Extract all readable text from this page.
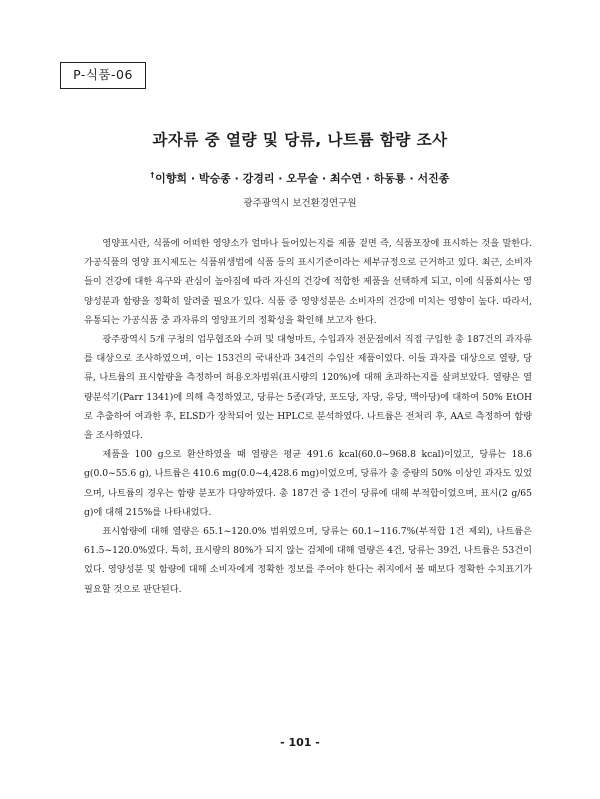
P-식품-06
과자류 중 열량 및 당류, 나트륨 함량 조사
†이향희 · 박승종 · 강경리 · 오무술 · 최수연 · 하동룡 · 서진종
광주광역시 보건환경연구원

영양표시란, 식품에 어떠한 영양소가 얼마나 들어있는지를 제품 겉면 즉, 식품포장에 표시하는 것을 말한다. 가공식품의 영양 표시제도는 식품위생법에 식품 등의 표시기준이라는 세부규정으로 근거하고 있다. 최근, 소비자들이 건강에 대한 욕구와 관심이 높아짐에 따라 자신의 건강에 적합한 제품을 선택하게 되고, 이에 식품회사는 영양성분과 함량을 정확히 알려줄 필요가 있다. 식품 중 영양성분은 소비자의 건강에 미치는 영향이 높다. 따라서, 유통되는 가공식품 중 과자류의 영양표기의 정확성을 확인해 보고자 한다.

광주광역시 5개 구청의 업무협조와 수퍼 및 대형마트, 수입과자 전문점에서 직접 구입한 총 187건의 과자류를 대상으로 조사하였으며, 이는 153건의 국내산과 34건의 수입산 제품이었다. 이들 과자를 대상으로 열량, 당류, 나트륨의 표시함량을 측정하여 허용오차범위(표시량의 120%)에 대해 초과하는지를 살펴보았다. 열량은 열량분석기(Parr 1341)에 의해 측정하였고, 당류는 5종(과당, 포도당, 자당, 유당, 맥아당)에 대하여 50% EtOH로 추출하여 여과한 후, ELSD가 장착되어 있는 HPLC로 분석하였다. 나트륨은 전처리 후, AA로 측정하여 함량을 조사하였다.

제품을 100 g으로 환산하였을 때 열량은 평균 491.6 kcal(60.0~968.8 kcal)이었고, 당류는 18.6 g(0.0~55.6 g), 나트륨은 410.6 mg(0.0~4,428.6 mg)이었으며, 당류가 총 중량의 50% 이상인 과자도 있었으며, 나트륨의 경우는 함량 분포가 다양하였다. 총 187건 중 1건이 당류에 대해 부적합이었으며, 표시(2 g/65 g)에 대해 215%를 나타내었다.

표시함량에 대해 열량은 65.1~120.0% 범위였으며, 당류는 60.1~116.7%(부적합 1건 제외), 나트륨은 61.5~120.0%였다. 특히, 표시량의 80%가 되지 않는 검체에 대해 열량은 4건, 당류는 39건, 나트륨은 53건이었다. 영양성분 및 함량에 대해 소비자에게 정확한 정보를 주어야 한다는 취지에서 볼 때보다 정확한 수치표기가 필요할 것으로 판단된다.

- 101 -
